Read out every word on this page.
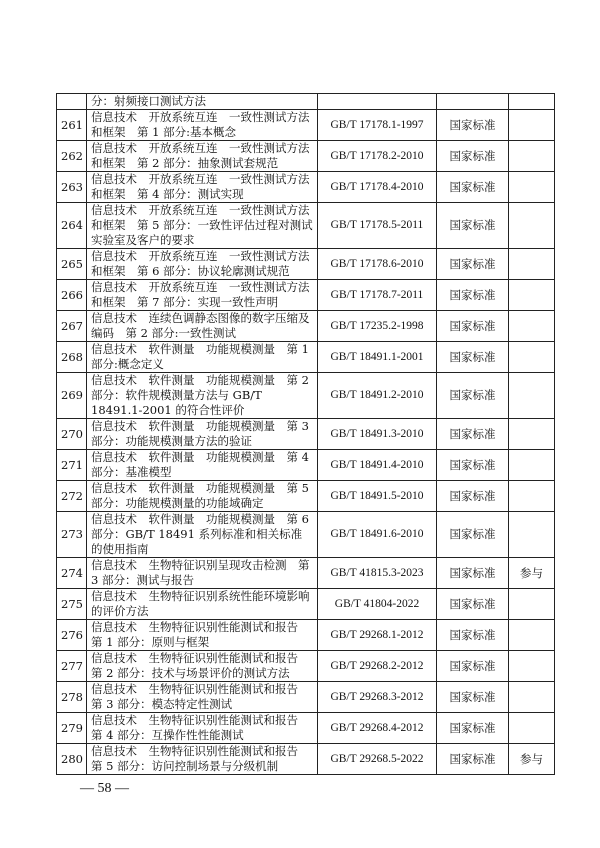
	分：射频接口测试方法			
261	信息技术　开放系统互连　一致性测试方法和框架　第 1 部分:基本概念	GB/T 17178.1-1997	国家标准	
262	信息技术　开放系统互连　一致性测试方法和框架　第 2 部分：抽象测试套规范	GB/T 17178.2-2010	国家标准	
263	信息技术　开放系统互连　一致性测试方法和框架　第 4 部分：测试实现	GB/T 17178.4-2010	国家标准	
264	信息技术　开放系统互连　一致性测试方法和框架　第 5 部分：一致性评估过程对测试实验室及客户的要求	GB/T 17178.5-2011	国家标准	
265	信息技术　开放系统互连　一致性测试方法和框架　第 6 部分：协议轮廓测试规范	GB/T 17178.6-2010	国家标准	
266	信息技术　开放系统互连　一致性测试方法和框架　第 7 部分：实现一致性声明	GB/T 17178.7-2011	国家标准	
267	信息技术　连续色调静态图像的数字压缩及编码　第 2 部分:一致性测试	GB/T 17235.2-1998	国家标准	
268	信息技术　软件测量　功能规模测量　第 1 部分:概念定义	GB/T 18491.1-2001	国家标准	
269	信息技术　软件测量　功能规模测量　第 2 部分：软件规模测量方法与 GB/T 18491.1-2001 的符合性评价	GB/T 18491.2-2010	国家标准	
270	信息技术　软件测量　功能规模测量　第 3 部分：功能规模测量方法的验证	GB/T 18491.3-2010	国家标准	
271	信息技术　软件测量　功能规模测量　第 4 部分：基准模型	GB/T 18491.4-2010	国家标准	
272	信息技术　软件测量　功能规模测量　第 5 部分：功能规模测量的功能域确定	GB/T 18491.5-2010	国家标准	
273	信息技术　软件测量　功能规模测量　第 6 部分：GB/T 18491 系列标准和相关标准的使用指南	GB/T 18491.6-2010	国家标准	
274	信息技术　生物特征识别呈现攻击检测　第 3 部分：测试与报告	GB/T 41815.3-2023	国家标准	参与
275	信息技术　生物特征识别系统性能环境影响的评价方法	GB/T 41804-2022	国家标准	
276	信息技术　生物特征识别性能测试和报告　第 1 部分：原则与框架	GB/T 29268.1-2012	国家标准	
277	信息技术　生物特征识别性能测试和报告　第 2 部分：技术与场景评价的测试方法	GB/T 29268.2-2012	国家标准	
278	信息技术　生物特征识别性能测试和报告　第 3 部分：模态特定性测试	GB/T 29268.3-2012	国家标准	
279	信息技术　生物特征识别性能测试和报告　第 4 部分：互操作性性能测试	GB/T 29268.4-2012	国家标准	
280	信息技术　生物特征识别性能测试和报告　第 5 部分：访问控制场景与分级机制	GB/T 29268.5-2022	国家标准	参与
— 58 —
